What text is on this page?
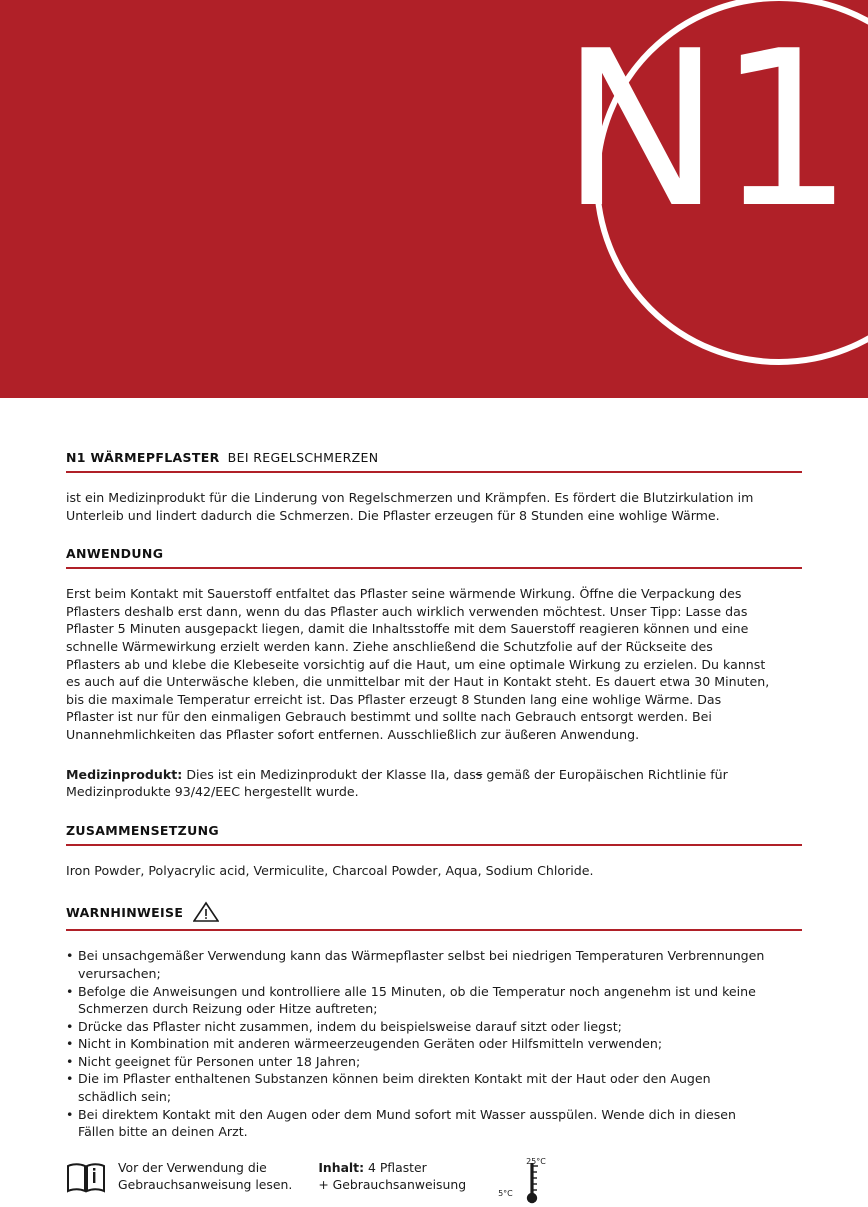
N1
N1 WÄRMEPFLASTER BEI REGELSCHMERZEN

ist ein Medizinprodukt für die Linderung von Regelschmerzen und Krämpfen. Es fördert die Blutzirkulation im Unterleib und lindert dadurch die Schmerzen. Die Pflaster erzeugen für 8 Stunden eine wohlige Wärme.

ANWENDUNG

Erst beim Kontakt mit Sauerstoff entfaltet das Pflaster seine wärmende Wirkung. Öffne die Verpackung des Pflasters deshalb erst dann, wenn du das Pflaster auch wirklich verwenden möchtest. Unser Tipp: Lasse das Pflaster 5 Minuten ausgepackt liegen, damit die Inhaltsstoffe mit dem Sauerstoff reagieren können und eine schnelle Wärmewirkung erzielt werden kann. Ziehe anschließend die Schutzfolie auf der Rückseite des Pflasters ab und klebe die Klebeseite vorsichtig auf die Haut, um eine optimale Wirkung zu erzielen. Du kannst es auch auf die Unterwäsche kleben, die unmittelbar mit der Haut in Kontakt steht. Es dauert etwa 30 Minuten, bis die maximale Temperatur erreicht ist. Das Pflaster erzeugt 8 Stunden lang eine wohlige Wärme. Das Pflaster ist nur für den einmaligen Gebrauch bestimmt und sollte nach Gebrauch entsorgt werden. Bei Unannehmlichkeiten das Pflaster sofort entfernen. Ausschließlich zur äußeren Anwendung.

Medizinprodukt: Dies ist ein Medizinprodukt der Klasse IIa, dass gemäß der Europäischen Richtlinie für Medizinprodukte 93/42/EEC hergestellt wurde.

ZUSAMMENSETZUNG

Iron Powder, Polyacrylic acid, Vermiculite, Charcoal Powder, Aqua, Sodium Chloride.

WARNHINWEISE
• Bei unsachgemäßer Verwendung kann das Wärmepflaster selbst bei niedrigen Temperaturen Verbrennungen verursachen;
• Befolge die Anweisungen und kontrolliere alle 15 Minuten, ob die Temperatur noch angenehm ist und keine Schmerzen durch Reizung oder Hitze auftreten;
• Drücke das Pflaster nicht zusammen, indem du beispielsweise darauf sitzt oder liegst;
• Nicht in Kombination mit anderen wärmeerzeugenden Geräten oder Hilfsmitteln verwenden;
• Nicht geeignet für Personen unter 18 Jahren;
• Die im Pflaster enthaltenen Substanzen können beim direkten Kontakt mit der Haut oder den Augen schädlich sein;
• Bei direktem Kontakt mit den Augen oder dem Mund sofort mit Wasser ausspülen. Wende dich in diesen Fällen bitte an deinen Arzt.
Vor der Verwendung die
Gebrauchsanweisung lesen.
Inhalt: 4 Pflaster
+ Gebrauchsanweisung
25°C
5°C
